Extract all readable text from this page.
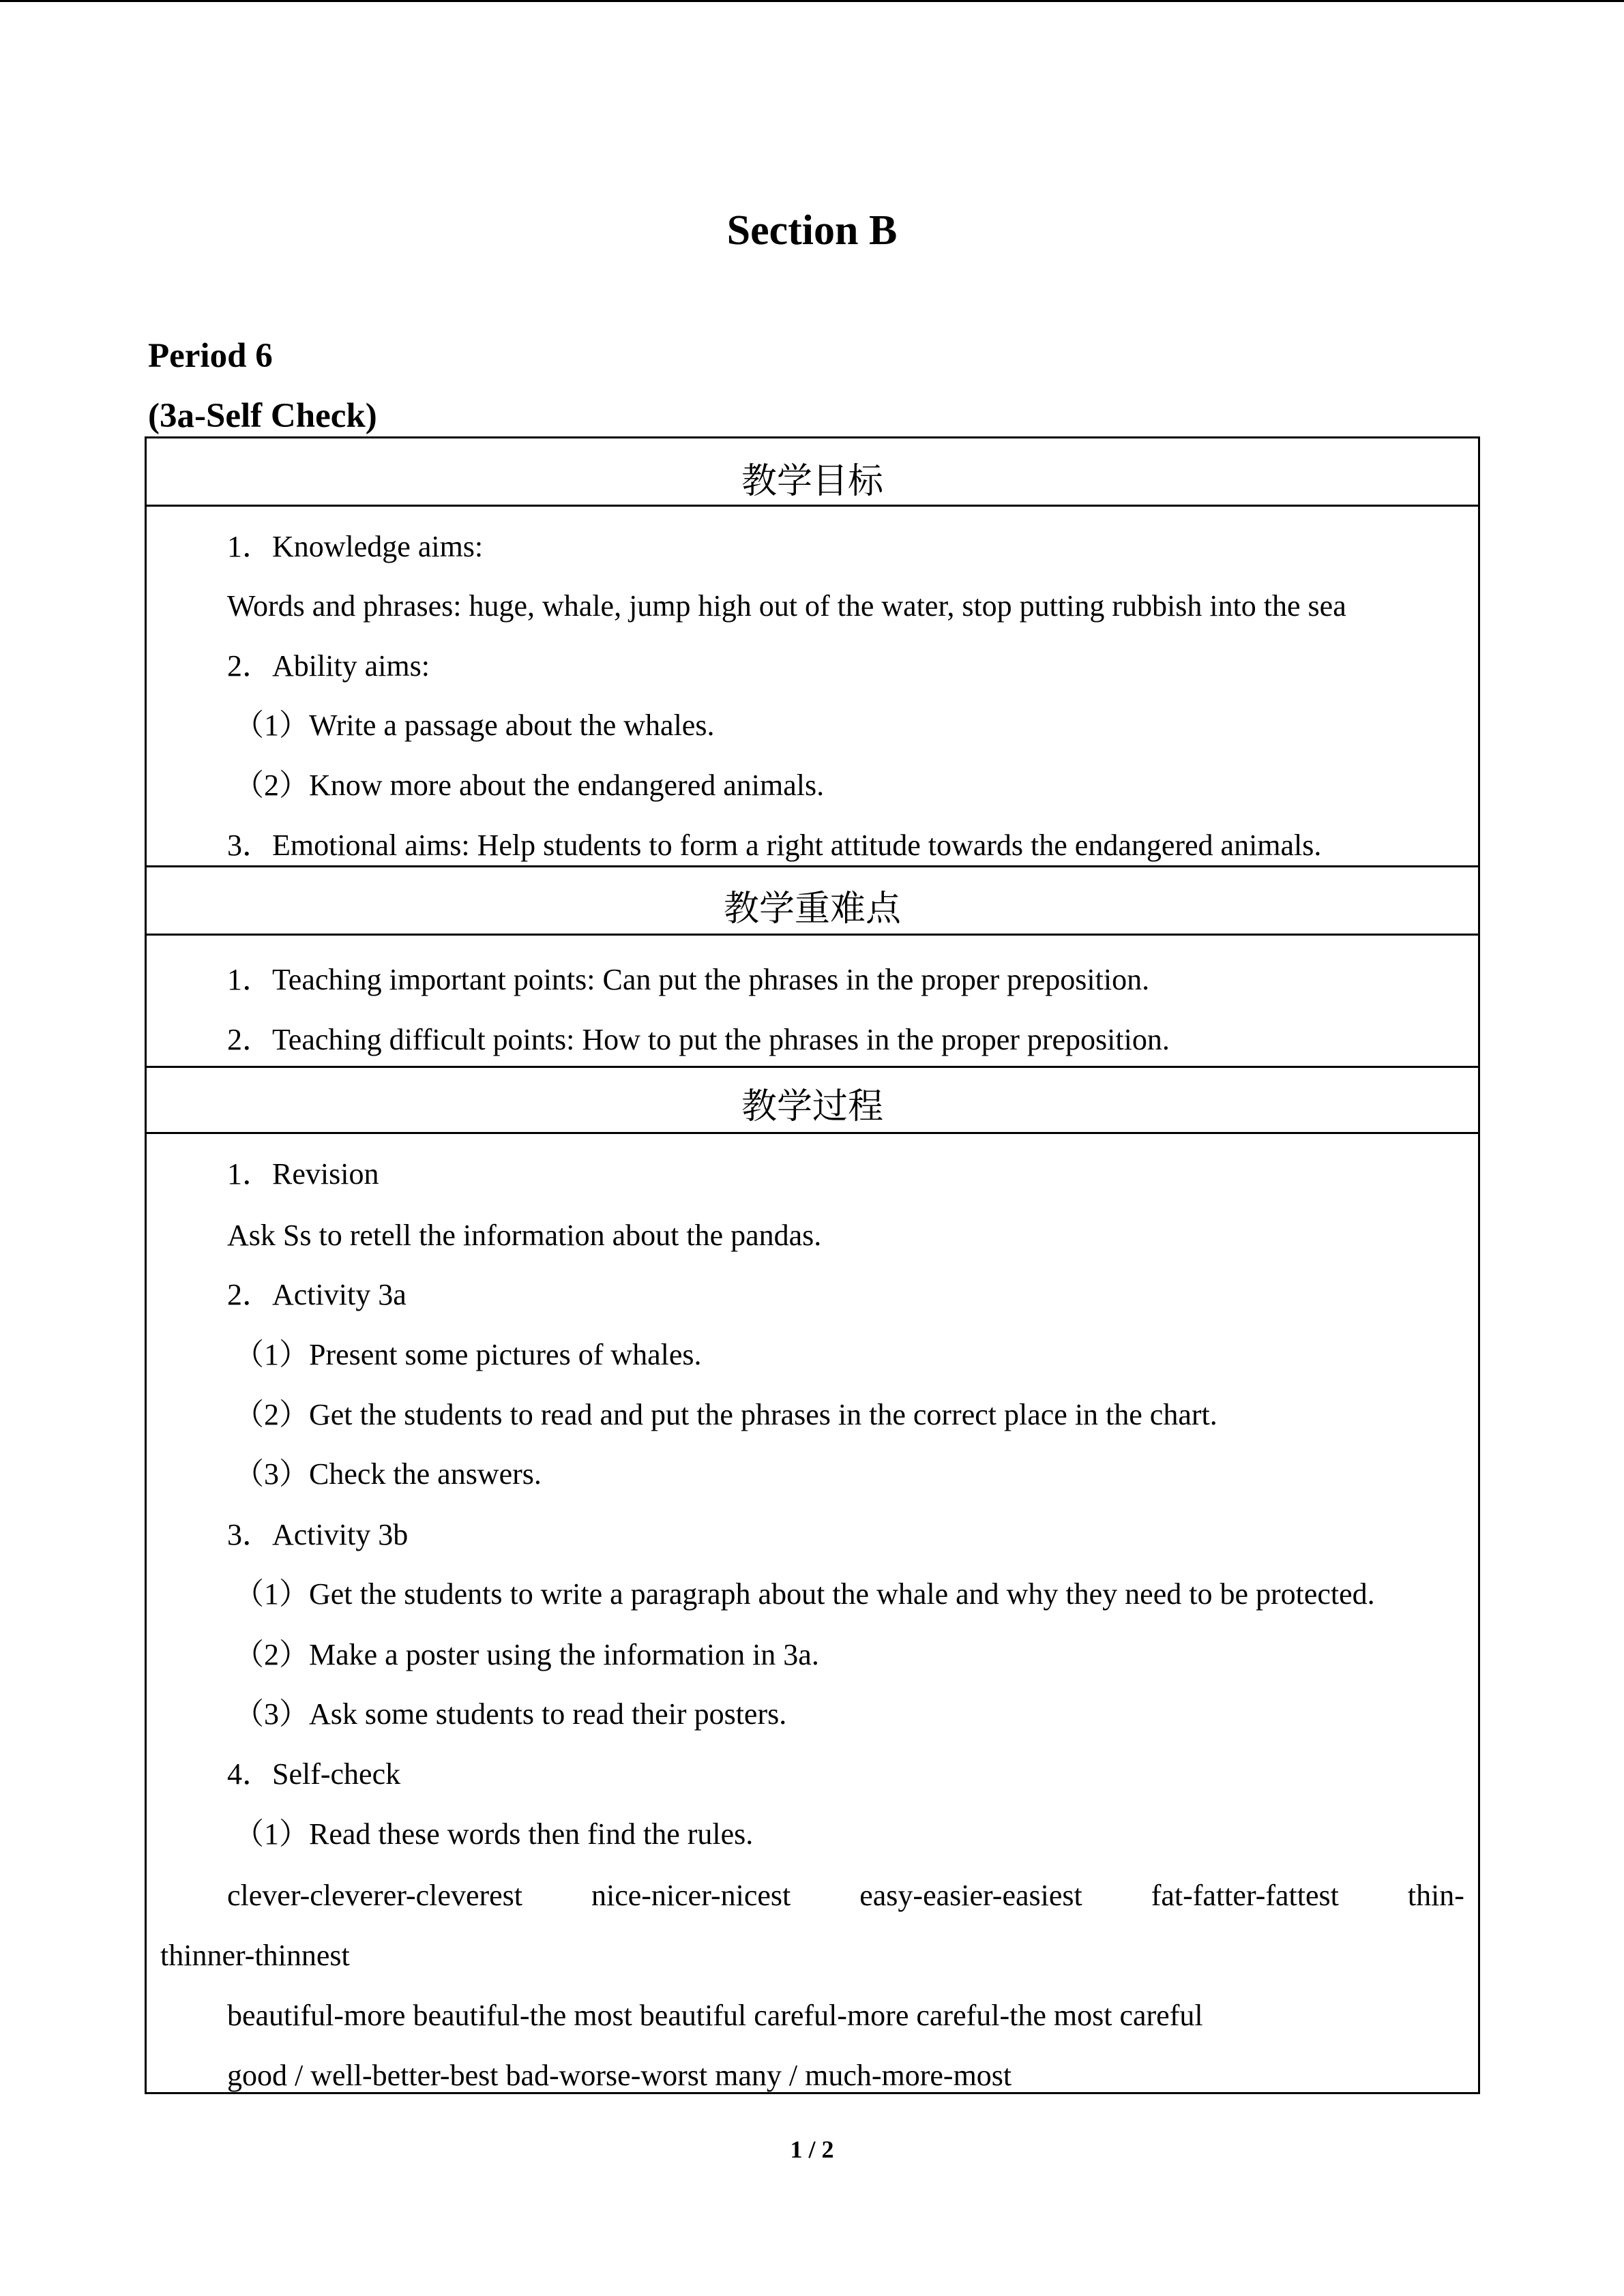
Section B
Period 6
(3a-Self Check)
教学目标
1．Knowledge aims:
Words and phrases: huge, whale, jump high out of the water, stop putting rubbish into the sea
2．Ability aims:
（1）Write a passage about the whales.
（2）Know more about the endangered animals.
3．Emotional aims: Help students to form a right attitude towards the endangered animals.
教学重难点
1．Teaching important points: Can put the phrases in the proper preposition.
2．Teaching difficult points: How to put the phrases in the proper preposition.
教学过程
1．Revision
Ask Ss to retell the information about the pandas.
2．Activity 3a
（1）Present some pictures of whales.
（2）Get the students to read and put the phrases in the correct place in the chart.
（3）Check the answers.
3．Activity 3b
（1）Get the students to write a paragraph about the whale and why they need to be protected.
（2）Make a poster using the information in 3a.
（3）Ask some students to read their posters.
4．Self-check
（1）Read these words then find the rules.
clever-cleverer-cleverest nice-nicer-nicest easy-easier-easiest fat-fatter-fattest thin-
thinner-thinnest
beautiful-more beautiful-the most beautiful careful-more careful-the most careful
good / well-better-best bad-worse-worst many / much-more-most
1 / 2
